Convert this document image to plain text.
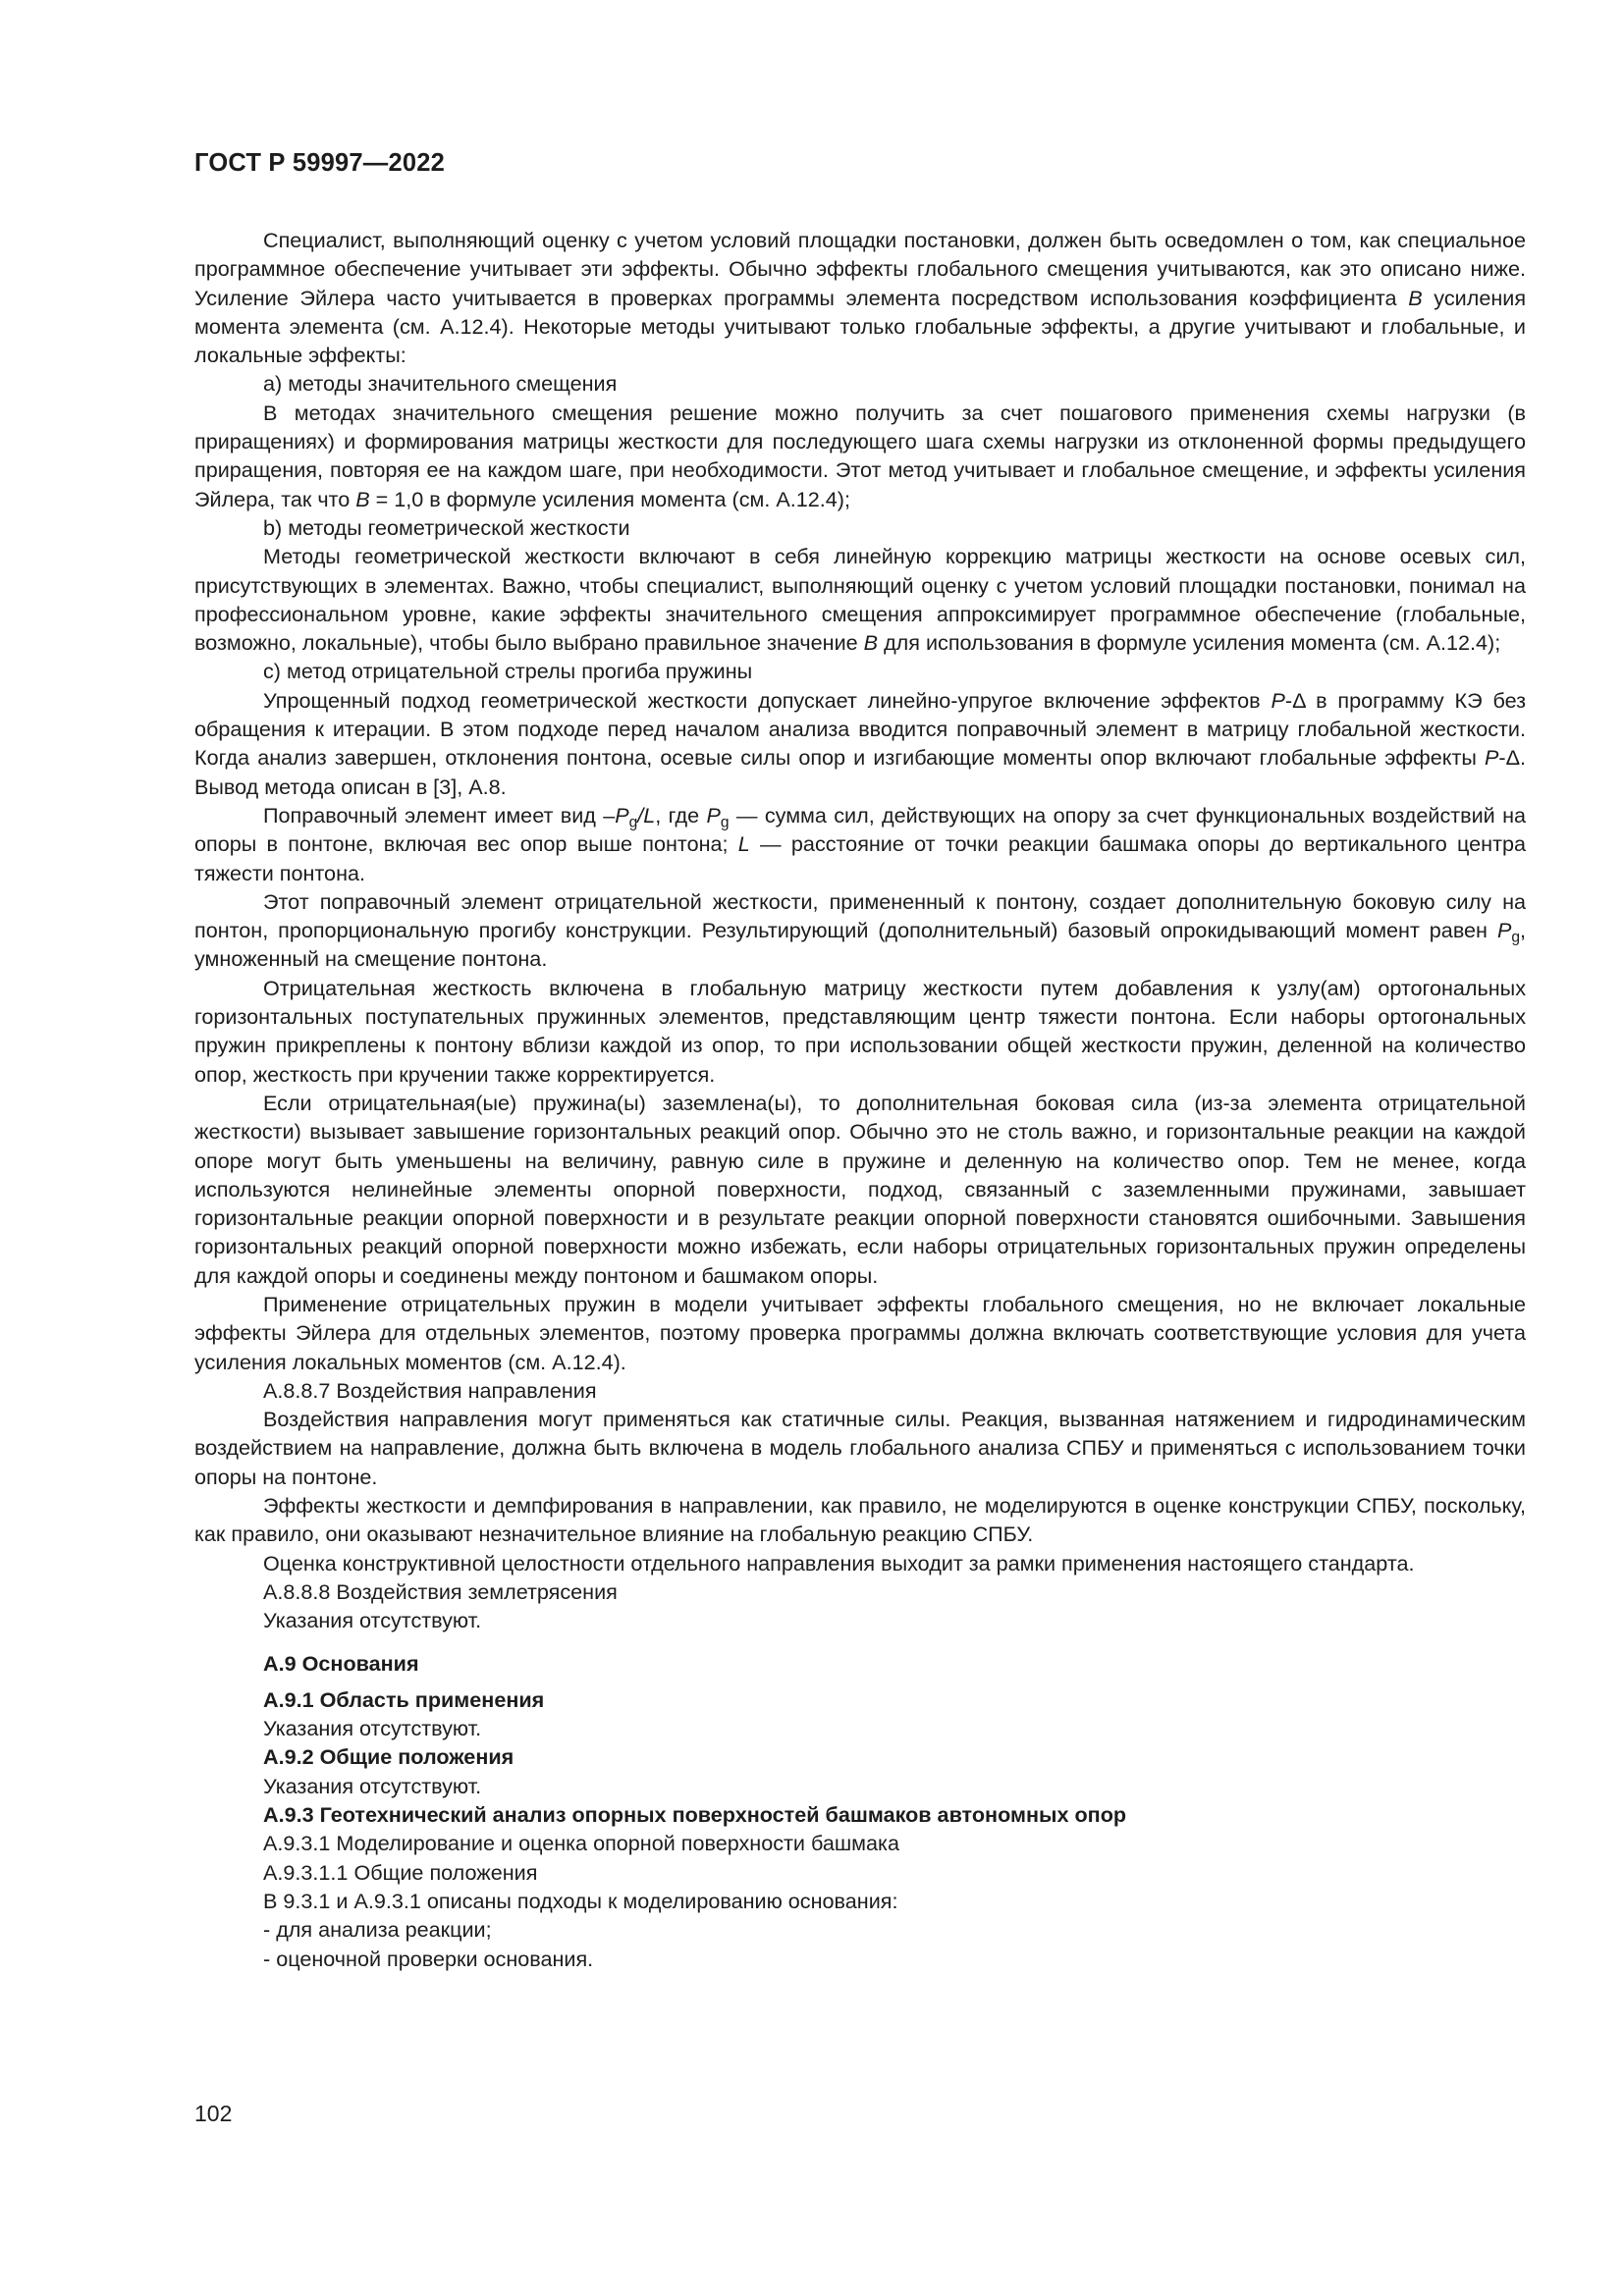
ГОСТ Р 59997—2022

Специалист, выполняющий оценку с учетом условий площадки постановки, должен быть осведомлен о том, как специальное программное обеспечение учитывает эти эффекты. Обычно эффекты глобального смещения учитываются, как это описано ниже. Усиление Эйлера часто учитывается в проверках программы элемента посредством использования коэффициента B усиления момента элемента (см. А.12.4). Некоторые методы учитывают только глобальные эффекты, а другие учитывают и глобальные, и локальные эффекты:

а) методы значительного смещения

В методах значительного смещения решение можно получить за счет пошагового применения схемы нагрузки (в приращениях) и формирования матрицы жесткости для последующего шага схемы нагрузки из отклоненной формы предыдущего приращения, повторяя ее на каждом шаге, при необходимости. Этот метод учитывает и глобальное смещение, и эффекты усиления Эйлера, так что B = 1,0 в формуле усиления момента (см. А.12.4);

b) методы геометрической жесткости

Методы геометрической жесткости включают в себя линейную коррекцию матрицы жесткости на основе осевых сил, присутствующих в элементах. Важно, чтобы специалист, выполняющий оценку с учетом условий площадки постановки, понимал на профессиональном уровне, какие эффекты значительного смещения аппроксимирует программное обеспечение (глобальные, возможно, локальные), чтобы было выбрано правильное значение B для использования в формуле усиления момента (см. А.12.4);

с) метод отрицательной стрелы прогиба пружины

Упрощенный подход геометрической жесткости допускает линейно-упругое включение эффектов P-Δ в программу КЭ без обращения к итерации. В этом подходе перед началом анализа вводится поправочный элемент в матрицу глобальной жесткости. Когда анализ завершен, отклонения понтона, осевые силы опор и изгибающие моменты опор включают глобальные эффекты P-Δ. Вывод метода описан в [3], А.8.

Поправочный элемент имеет вид $-P_g/L$, где $P_g$ — сумма сил, действующих на опору за счет функциональных воздействий на опоры в понтоне, включая вес опор выше понтона; L — расстояние от точки реакции башмака опоры до вертикального центра тяжести понтона.

Этот поправочный элемент отрицательной жесткости, примененный к понтону, создает дополнительную боковую силу на понтон, пропорциональную прогибу конструкции. Результирующий (дополнительный) базовый опрокидывающий момент равен $P_g$, умноженный на смещение понтона.

Отрицательная жесткость включена в глобальную матрицу жесткости путем добавления к узлу(ам) ортогональных горизонтальных поступательных пружинных элементов, представляющим центр тяжести понтона. Если наборы ортогональных пружин прикреплены к понтону вблизи каждой из опор, то при использовании общей жесткости пружин, деленной на количество опор, жесткость при кручении также корректируется.

Если отрицательная(ые) пружина(ы) заземлена(ы), то дополнительная боковая сила (из-за элемента отрицательной жесткости) вызывает завышение горизонтальных реакций опор. Обычно это не столь важно, и горизонтальные реакции на каждой опоре могут быть уменьшены на величину, равную силе в пружине и деленную на количество опор. Тем не менее, когда используются нелинейные элементы опорной поверхности, подход, связанный с заземленными пружинами, завышает горизонтальные реакции опорной поверхности и в результате реакции опорной поверхности становятся ошибочными. Завышения горизонтальных реакций опорной поверхности можно избежать, если наборы отрицательных горизонтальных пружин определены для каждой опоры и соединены между понтоном и башмаком опоры.

Применение отрицательных пружин в модели учитывает эффекты глобального смещения, но не включает локальные эффекты Эйлера для отдельных элементов, поэтому проверка программы должна включать соответствующие условия для учета усиления локальных моментов (см. А.12.4).

А.8.8.7 Воздействия направления

Воздействия направления могут применяться как статичные силы. Реакция, вызванная натяжением и гидродинамическим воздействием на направление, должна быть включена в модель глобального анализа СПБУ и применяться с использованием точки опоры на понтоне.

Эффекты жесткости и демпфирования в направлении, как правило, не моделируются в оценке конструкции СПБУ, поскольку, как правило, они оказывают незначительное влияние на глобальную реакцию СПБУ.

Оценка конструктивной целостности отдельного направления выходит за рамки применения настоящего стандарта.

А.8.8.8 Воздействия землетрясения

Указания отсутствуют.

А.9 Основания

А.9.1 Область применения

Указания отсутствуют.

А.9.2 Общие положения

Указания отсутствуют.

А.9.3 Геотехнический анализ опорных поверхностей башмаков автономных опор

А.9.3.1 Моделирование и оценка опорной поверхности башмака

А.9.3.1.1 Общие положения

В 9.3.1 и А.9.3.1 описаны подходы к моделированию основания:

- для анализа реакции;

- оценочной проверки основания.

102
